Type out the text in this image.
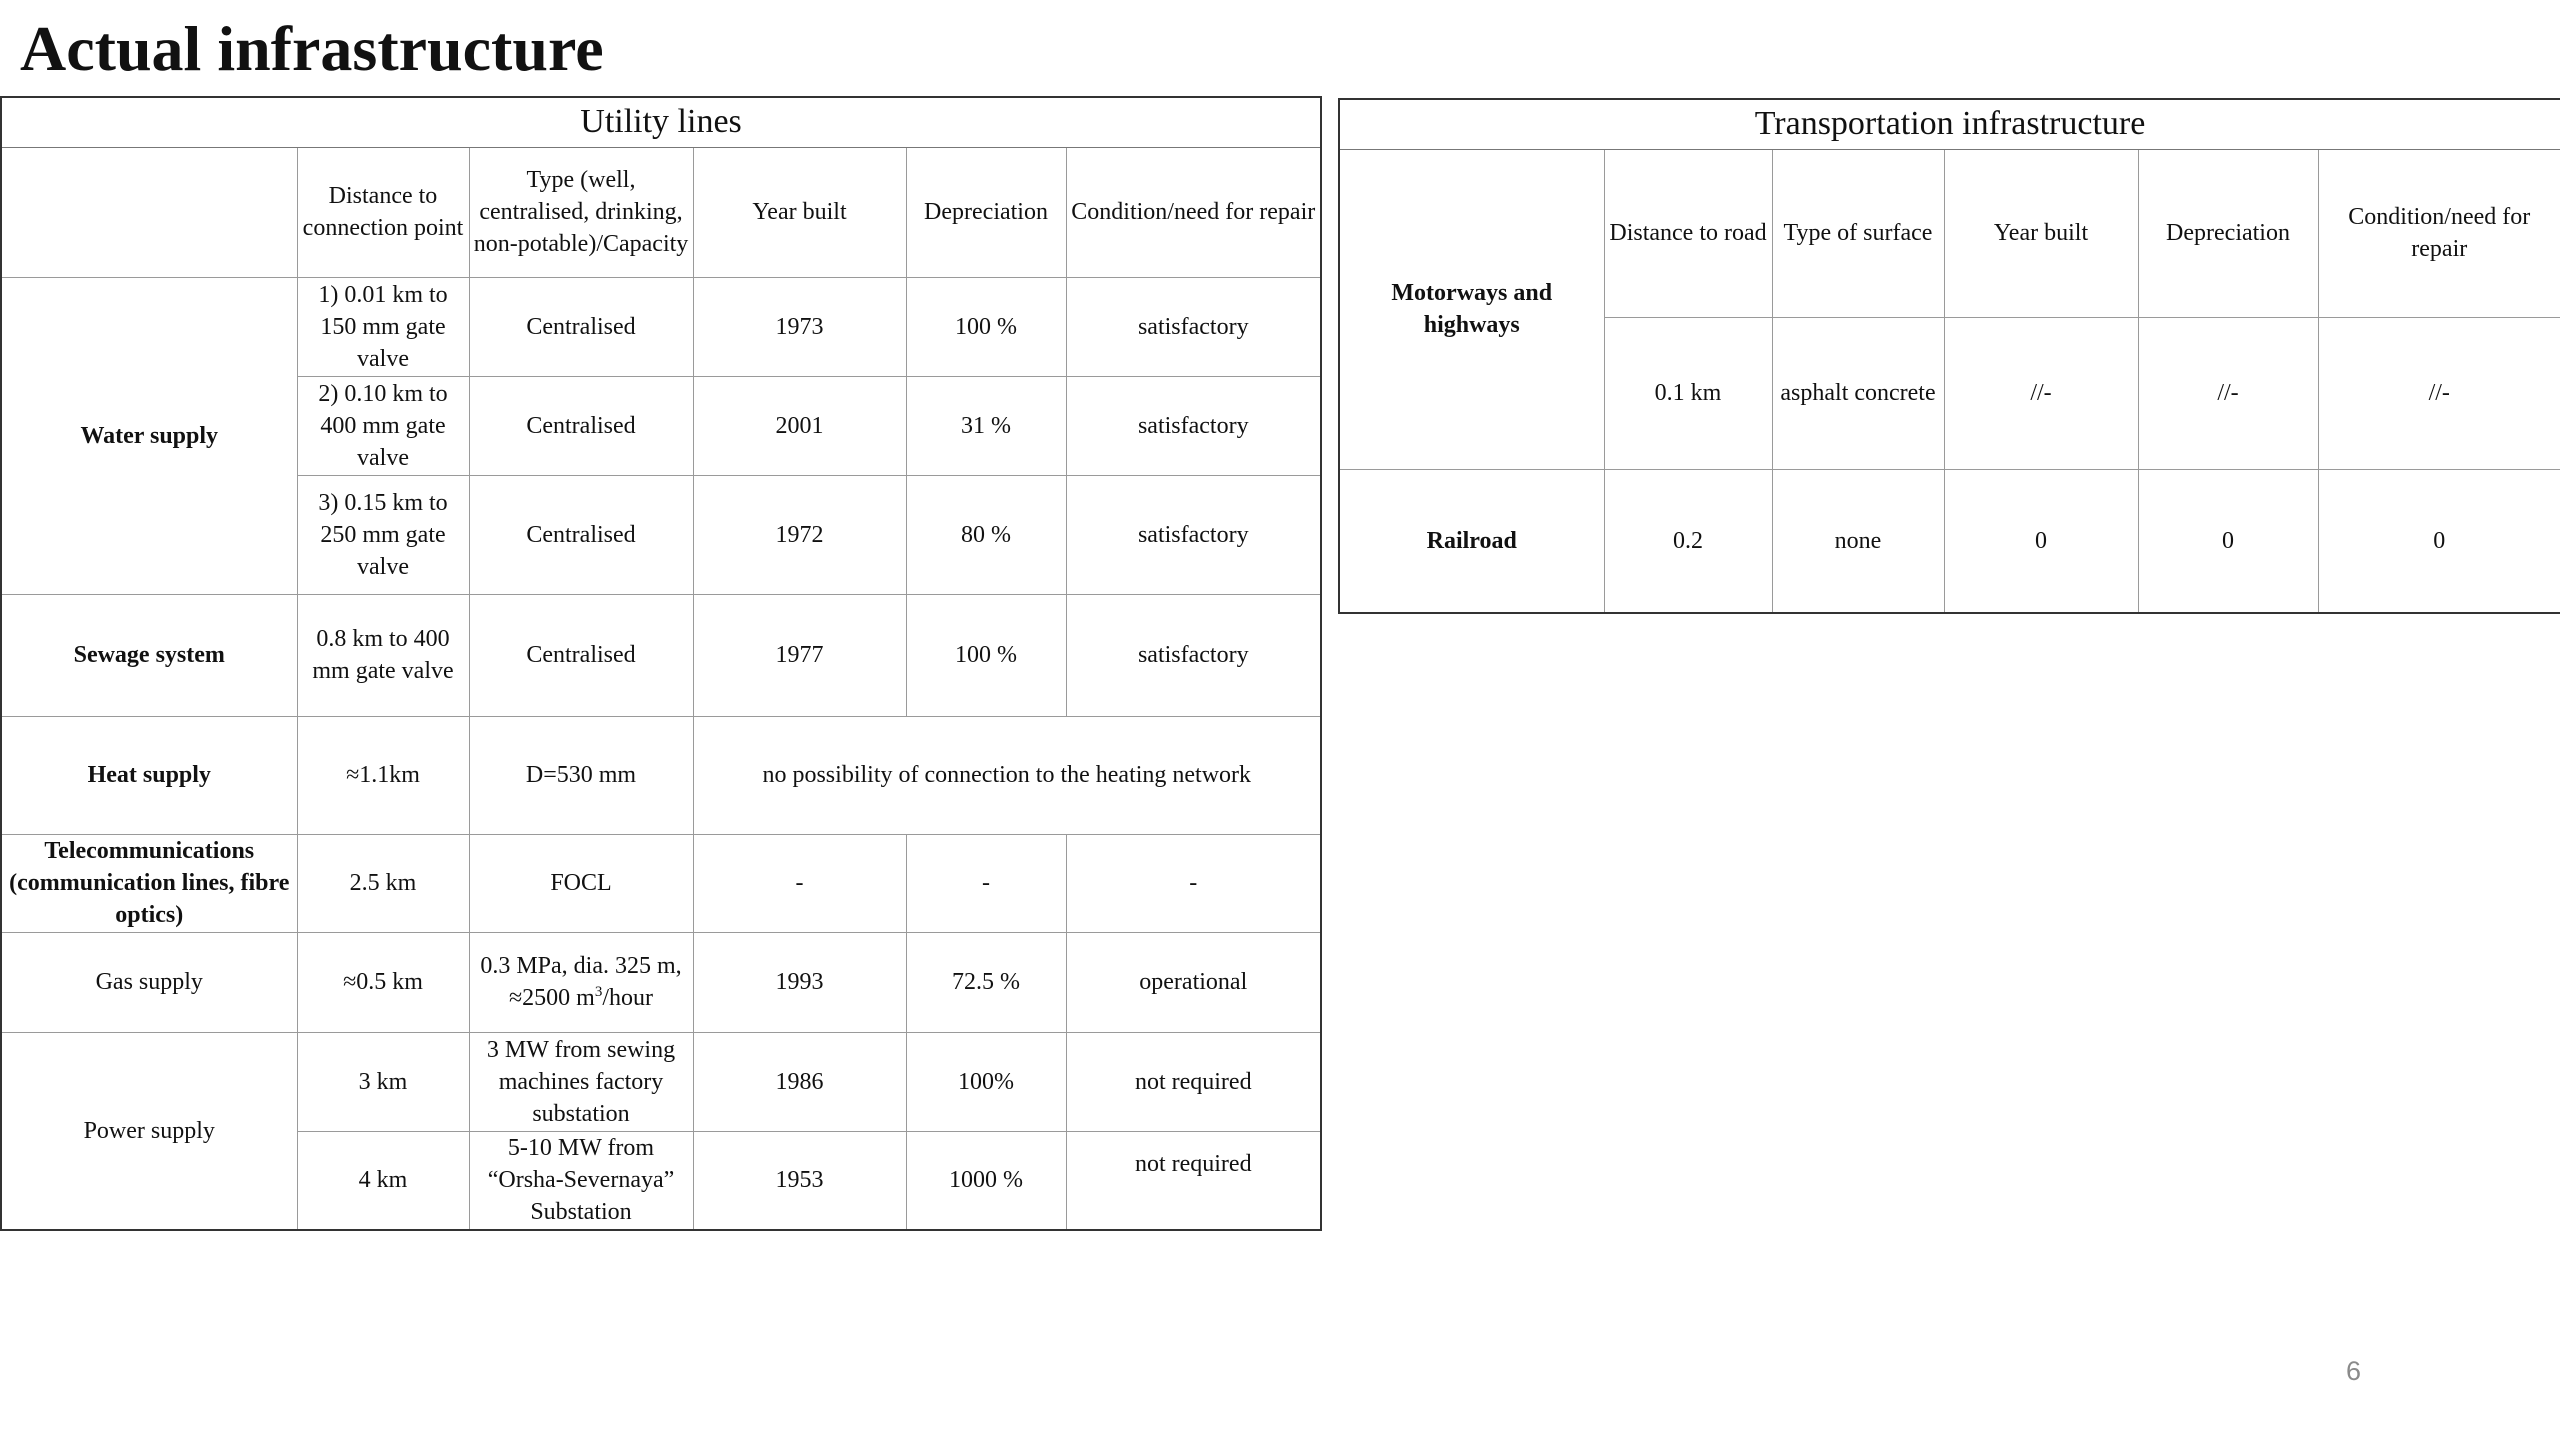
Actual infrastructure
Utility lines					
	Distance to connection point	Type (well, centralised, drinking, non-potable)/Capacity	Year built	Depreciation	Condition/need for repair
Water supply	1) 0.01 km to 150 mm gate valve	Centralised	1973	100 %	satisfactory
	2) 0.10 km to 400 mm gate valve	Centralised	2001	31 %	satisfactory
	3) 0.15 km to 250 mm gate valve	Centralised	1972	80 %	satisfactory
Sewage system	0.8 km to 400 mm gate valve	Centralised	1977	100 %	satisfactory
Heat supply	≈1.1km	D=530 mm	no possibility of connection to the heating network		
Telecommunications (communication lines, fibre optics)	2.5 km	FOCL	-	-	-
Gas supply	≈0.5 km	0.3 MPa, dia. 325 m, ≈2500 $m^3$/hour	1993	72.5 %	operational
Power supply	3 km	3 MW from sewing machines factory substation	1986	100%	not required
	4 km	5-10 MW from “Orsha-Severnaya” Substation	1953	1000 %	not required
Transportation infrastructure					
Motorways and highways	Distance to road	Type of surface	Year built	Depreciation	Condition/need for repair
	0.1 km	asphalt concrete	//-	//-	//-
Railroad	0.2	none	0	0	0
6
